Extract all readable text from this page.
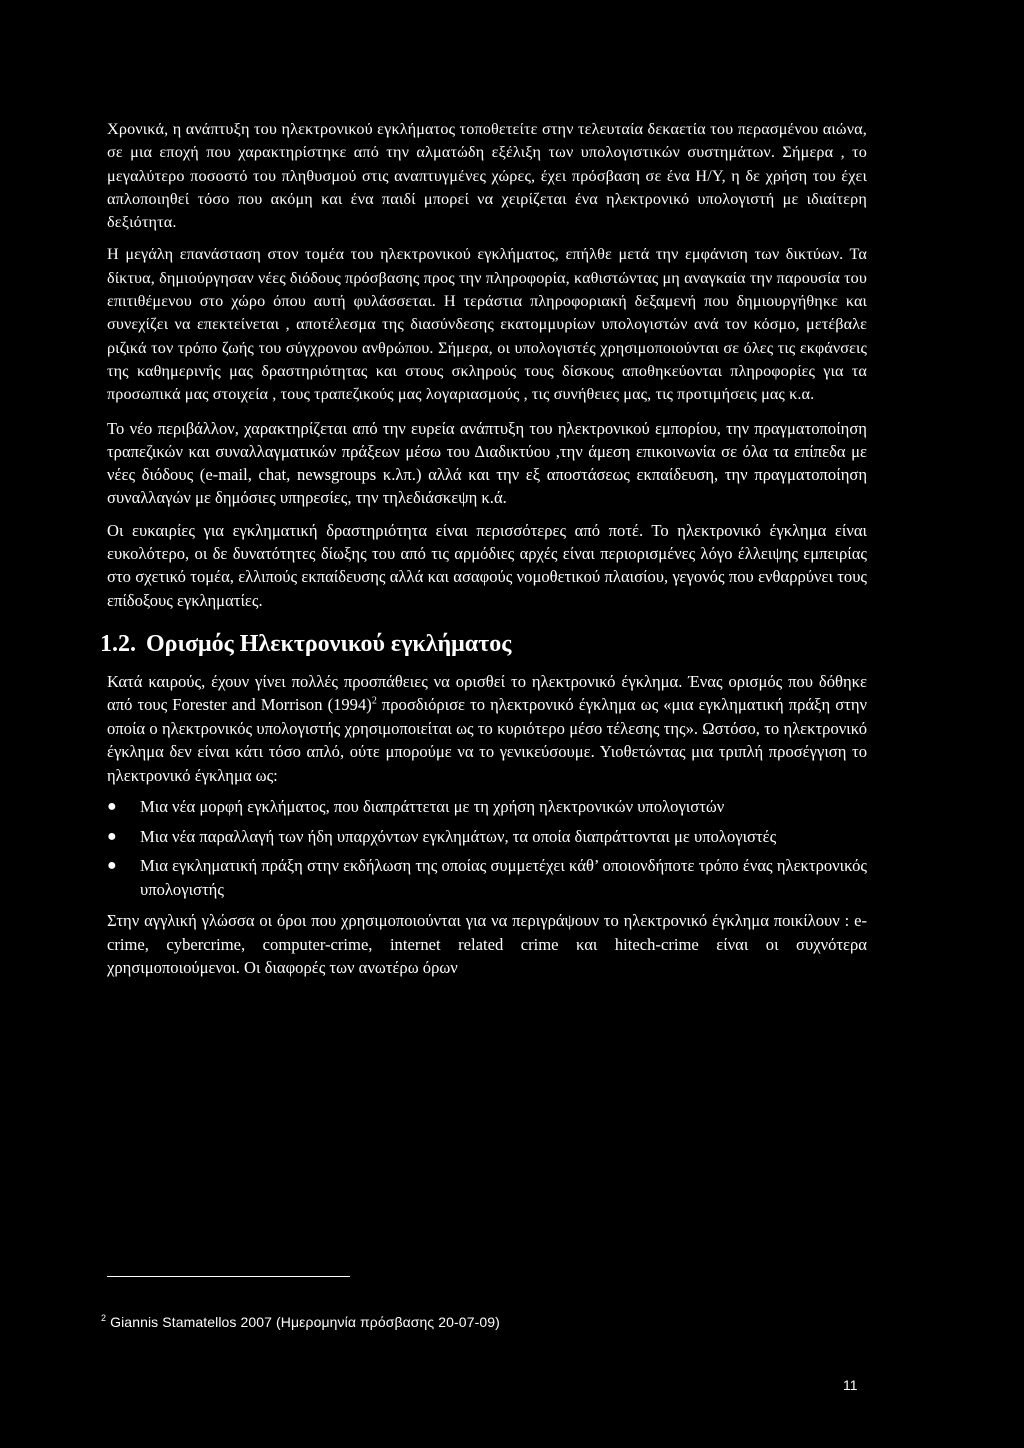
Χρονικά, η ανάπτυξη του ηλεκτρονικού εγκλήματος τοποθετείτε στην τελευταία δεκαετία του περασμένου αιώνα, σε μια εποχή που χαρακτηρίστηκε από την αλματώδη εξέλιξη των υπολογιστικών συστημάτων. Σήμερα , το μεγαλύτερο ποσοστό του πληθυσμού στις αναπτυγμένες χώρες, έχει πρόσβαση σε ένα Η/Υ, η δε χρήση του έχει απλοποιηθεί τόσο που ακόμη και ένα παιδί μπορεί να χειρίζεται ένα ηλεκτρονικό υπολογιστή με ιδιαίτερη δεξιότητα.

Η μεγάλη επανάσταση στον τομέα του ηλεκτρονικού εγκλήματος, επήλθε μετά την εμφάνιση των δικτύων. Τα δίκτυα, δημιούργησαν νέες διόδους πρόσβασης προς την πληροφορία, καθιστώντας μη αναγκαία την παρουσία του επιτιθέμενου στο χώρο όπου αυτή φυλάσσεται. Η τεράστια πληροφοριακή δεξαμενή που δημιουργήθηκε και συνεχίζει να επεκτείνεται , αποτέλεσμα της διασύνδεσης εκατομμυρίων υπολογιστών ανά τον κόσμο, μετέβαλε ριζικά τον τρόπο ζωής του σύγχρονου ανθρώπου. Σήμερα, οι υπολογιστές χρησιμοποιούνται σε όλες τις εκφάνσεις της καθημερινής μας δραστηριότητας και στους σκληρούς τους δίσκους αποθηκεύονται πληροφορίες για τα προσωπικά μας στοιχεία , τους τραπεζικούς μας λογαριασμούς , τις συνήθειες μας, τις προτιμήσεις μας κ.α.

Το νέο περιβάλλον, χαρακτηρίζεται από την ευρεία ανάπτυξη του ηλεκτρονικού εμπορίου, την πραγματοποίηση τραπεζικών και συναλλαγματικών πράξεων μέσω του Διαδικτύου ,την άμεση επικοινωνία σε όλα τα επίπεδα με νέες διόδους (e-mail, chat, newsgroups κ.λπ.) αλλά και την εξ αποστάσεως εκπαίδευση, την πραγματοποίηση συναλλαγών με δημόσιες υπηρεσίες, την τηλεδιάσκεψη κ.ά.

Οι ευκαιρίες για εγκληματική δραστηριότητα είναι περισσότερες από ποτέ. Το ηλεκτρονικό έγκλημα είναι ευκολότερο, οι δε δυνατότητες δίωξης του από τις αρμόδιες αρχές είναι περιορισμένες λόγο έλλειψης εμπειρίας στο σχετικό τομέα, ελλιπούς εκπαίδευσης αλλά και ασαφούς νομοθετικού πλαισίου, γεγονός που ενθαρρύνει τους επίδοξους εγκληματίες.

1.2. Ορισμός Ηλεκτρονικού εγκλήματος

Κατά καιρούς, έχουν γίνει πολλές προσπάθειες να ορισθεί το ηλεκτρονικό έγκλημα. Ένας ορισμός που δόθηκε από τους Forester and Morrison $(1994)^2$ προσδιόρισε το ηλεκτρονικό έγκλημα ως «μια εγκληματική πράξη στην οποία ο ηλεκτρονικός υπολογιστής χρησιμοποιείται ως το κυριότερο μέσο τέλεσης της». Ωστόσο, το ηλεκτρονικό έγκλημα δεν είναι κάτι τόσο απλό, ούτε μπορούμε να το γενικεύσουμε. Υιοθετώντας μια τριπλή προσέγγιση το ηλεκτρονικό έγκλημα ως:

● Μια νέα μορφή εγκλήματος, που διαπράττεται με τη χρήση ηλεκτρονικών υπολογιστών
● Μια νέα παραλλαγή των ήδη υπαρχόντων εγκλημάτων, τα οποία διαπράττονται με υπολογιστές
● Μια εγκληματική πράξη στην εκδήλωση της οποίας συμμετέχει κάθ’ οποιονδήποτε τρόπο ένας ηλεκτρονικός υπολογιστής

Στην αγγλική γλώσσα οι όροι που χρησιμοποιούνται για να περιγράψουν το ηλεκτρονικό έγκλημα ποικίλουν : e-crime, cybercrime, computer-crime, internet related crime και hitech-crime είναι οι συχνότερα χρησιμοποιούμενοι. Οι διαφορές των ανωτέρω όρων

$^2$ Giannis Stamatellos 2007 (Ημερομηνία πρόσβασης 20-07-09)
11
